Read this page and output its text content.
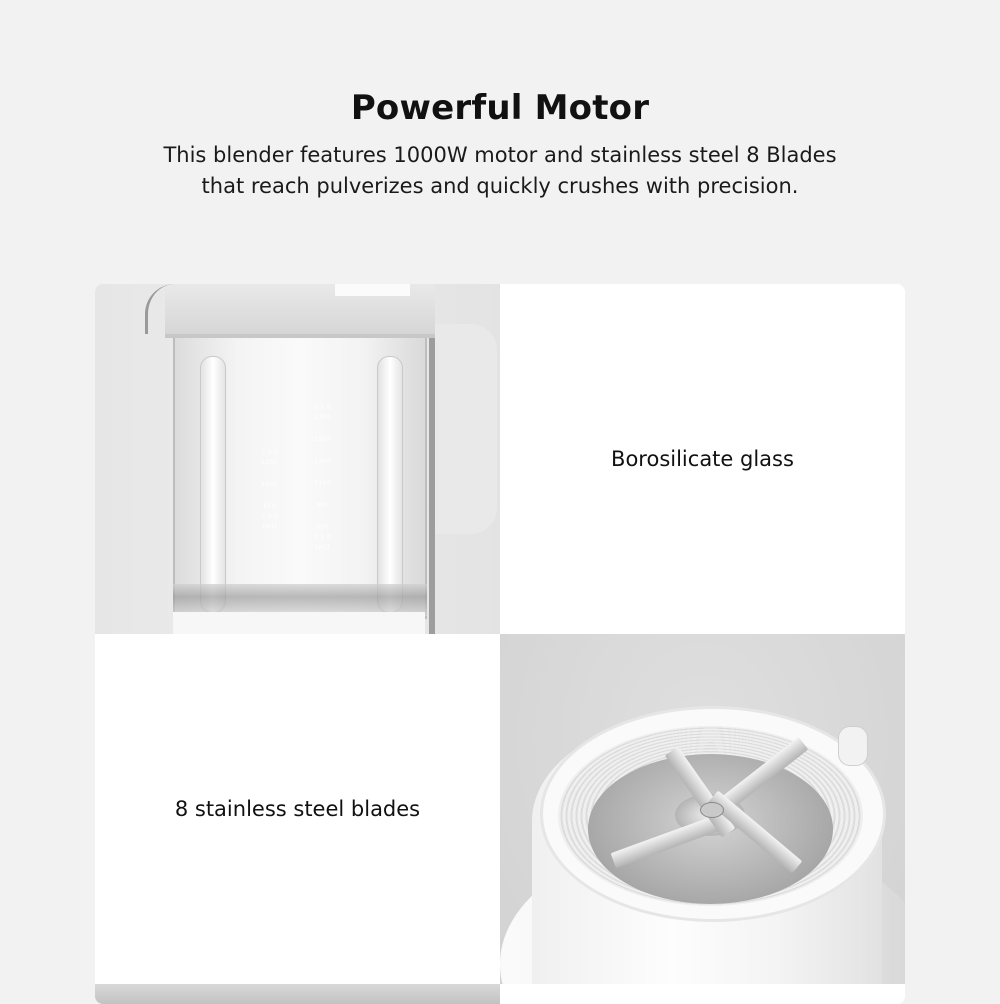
Powerful Motor
This blender features 1000W motor and stainless steel 8 Blades
that reach pulverizes and quickly crushes with precision.
上水位
1200
1000
800
下水位
(ml)
上水位
1700
1500
1300
1100
900
700
下水位
(ml)
Borosilicate glass
8 stainless steel blades
